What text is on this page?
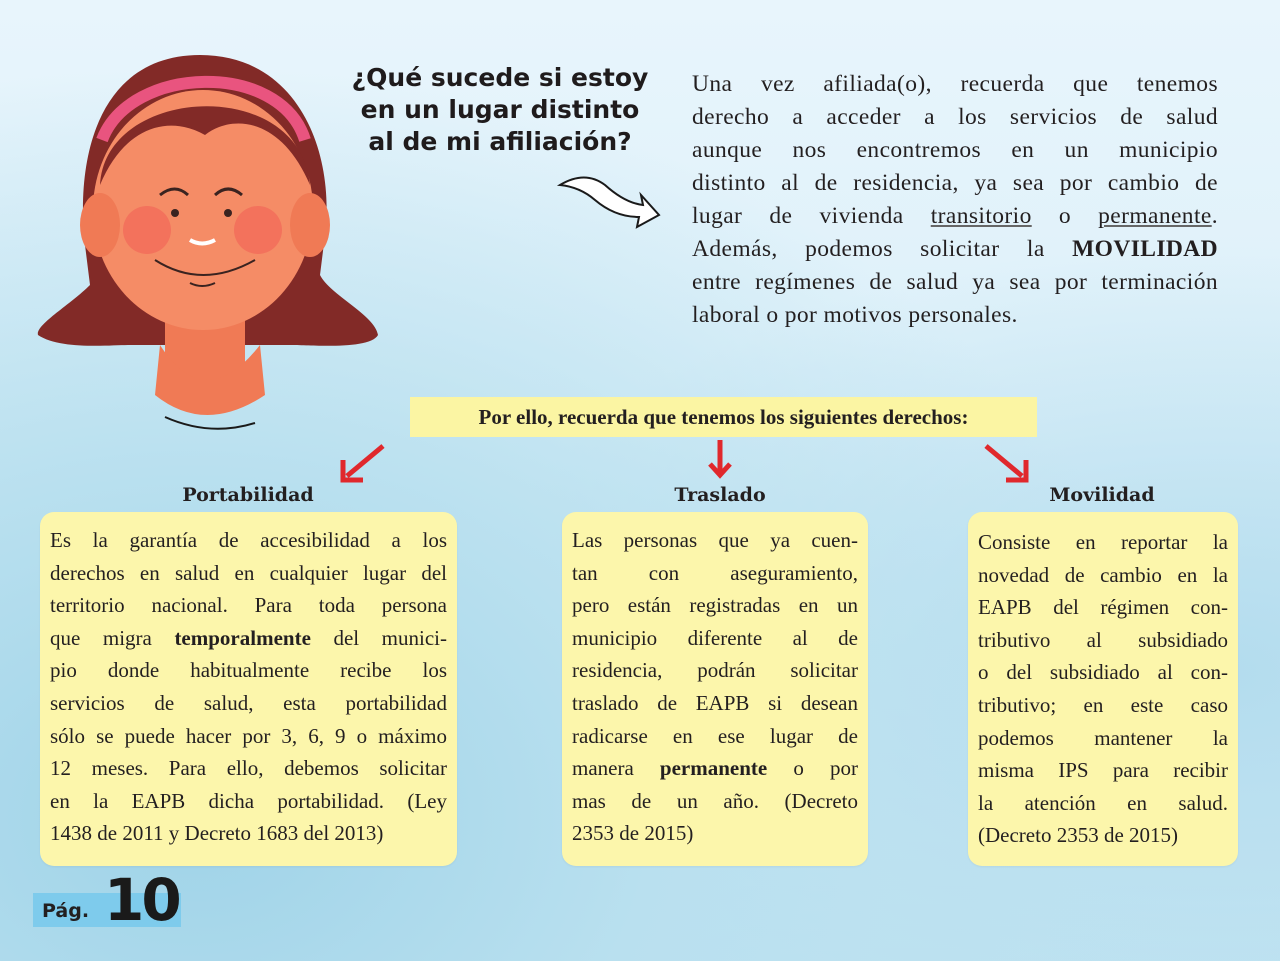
¿Qué sucede si estoy
en un lugar distinto
al de mi afiliación?
Una vez afiliada(o), recuerda que tenemos
derecho a acceder a los servicios de salud
aunque nos encontremos en un municipio
distinto al de residencia, ya sea por cambio de
lugar de vivienda transitorio o permanente.
Además, podemos solicitar la MOVILIDAD
entre regímenes de salud ya sea por terminación
laboral o por motivos personales.
Por ello, recuerda que tenemos los siguientes derechos:
Portabilidad	Traslado	Movilidad
Es la garantía de accesibilidad a los
derechos en salud en cualquier lugar del
territorio nacional. Para toda persona
que migra temporalmente del munici-
pio donde habitualmente recibe los
servicios de salud, esta portabilidad
sólo se puede hacer por 3, 6, 9 o máximo
12 meses. Para ello, debemos solicitar
en la EAPB dicha portabilidad. (Ley
1438 de 2011 y Decreto 1683 del 2013)
Las personas que ya cuen-
tan con aseguramiento,
pero están registradas en un
municipio diferente al de
residencia, podrán solicitar
traslado de EAPB si desean
radicarse en ese lugar de
manera permanente o por
mas de un año. (Decreto
2353 de 2015)
Consiste en reportar la
novedad de cambio en la
EAPB del régimen con-
tributivo al subsidiado
o del subsidiado al con-
tributivo; en este caso
podemos mantener la
misma IPS para recibir
la atención en salud.
(Decreto 2353 de 2015)
Pág. 10
